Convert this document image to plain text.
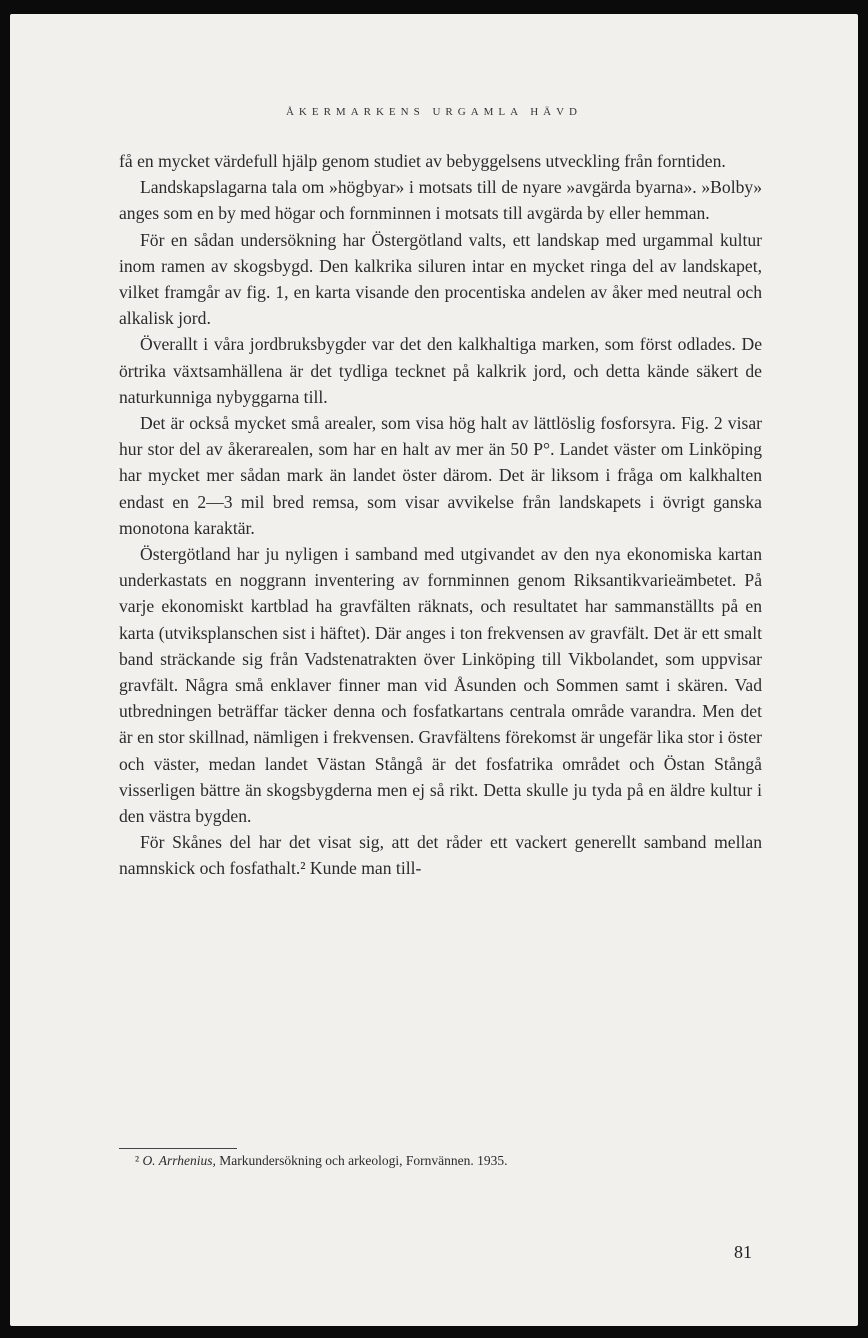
ÅKERMARKENS URGAMLA HÄVD

få en mycket värdefull hjälp genom studiet av bebyggelsens utveckling från forntiden.

Landskapslagarna tala om »högbyar» i motsats till de nyare »avgärda byarna». »Bolby» anges som en by med högar och fornminnen i motsats till avgärda by eller hemman.

För en sådan undersökning har Östergötland valts, ett landskap med urgammal kultur inom ramen av skogsbygd. Den kalkrika siluren intar en mycket ringa del av landskapet, vilket framgår av fig. 1, en karta visande den procentiska andelen av åker med neutral och alkalisk jord.

Överallt i våra jordbruksbygder var det den kalkhaltiga marken, som först odlades. De örtrika växtsamhällena är det tydliga tecknet på kalkrik jord, och detta kände säkert de naturkunniga nybyggarna till.

Det är också mycket små arealer, som visa hög halt av lättlöslig fosforsyra. Fig. 2 visar hur stor del av åkerarealen, som har en halt av mer än 50 P°. Landet väster om Linköping har mycket mer sådan mark än landet öster därom. Det är liksom i fråga om kalkhalten endast en 2—3 mil bred remsa, som visar avvikelse från landskapets i övrigt ganska monotona karaktär.

Östergötland har ju nyligen i samband med utgivandet av den nya ekonomiska kartan underkastats en noggrann inventering av fornminnen genom Riksantikvarieämbetet. På varje ekonomiskt kartblad ha gravfälten räknats, och resultatet har sammanställts på en karta (utviksplanschen sist i häftet). Där anges i ton frekvensen av gravfält. Det är ett smalt band sträckande sig från Vadstenatrakten över Linköping till Vikbolandet, som uppvisar gravfält. Några små enklaver finner man vid Åsunden och Sommen samt i skären. Vad utbredningen beträffar täcker denna och fosfatkartans centrala område varandra. Men det är en stor skillnad, nämligen i frekvensen. Gravfältens förekomst är ungefär lika stor i öster och väster, medan landet Västan Stångå är det fosfatrika området och Östan Stångå visserligen bättre än skogsbygderna men ej så rikt. Detta skulle ju tyda på en äldre kultur i den västra bygden.

För Skånes del har det visat sig, att det råder ett vackert generellt samband mellan namnskick och fosfathalt.² Kunde man till-

² O. Arrhenius, Markundersökning och arkeologi, Fornvännen. 1935.
81
